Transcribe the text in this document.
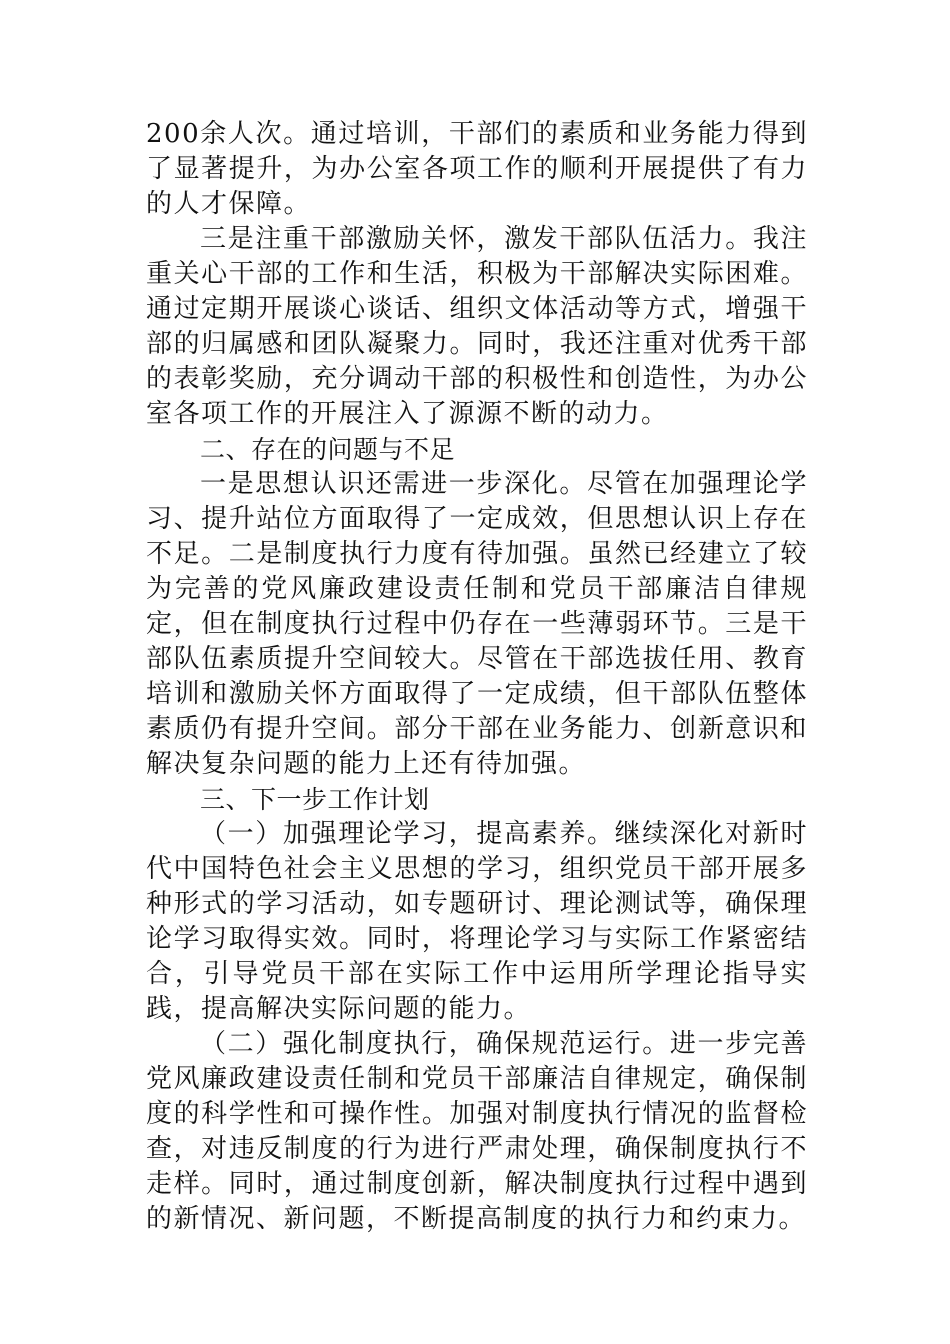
200余人次。通过培训，干部们的素质和业务能力得到了显著提升，为办公室各项工作的顺利开展提供了有力的人才保障。

三是注重干部激励关怀，激发干部队伍活力。我注重关心干部的工作和生活，积极为干部解决实际困难。通过定期开展谈心谈话、组织文体活动等方式，增强干部的归属感和团队凝聚力。同时，我还注重对优秀干部的表彰奖励，充分调动干部的积极性和创造性，为办公室各项工作的开展注入了源源不断的动力。

二、存在的问题与不足

一是思想认识还需进一步深化。尽管在加强理论学习、提升站位方面取得了一定成效，但思想认识上存在不足。二是制度执行力度有待加强。虽然已经建立了较为完善的党风廉政建设责任制和党员干部廉洁自律规定，但在制度执行过程中仍存在一些薄弱环节。三是干部队伍素质提升空间较大。尽管在干部选拔任用、教育培训和激励关怀方面取得了一定成绩，但干部队伍整体素质仍有提升空间。部分干部在业务能力、创新意识和解决复杂问题的能力上还有待加强。

三、下一步工作计划

（一）加强理论学习，提高素养。继续深化对新时代中国特色社会主义思想的学习，组织党员干部开展多种形式的学习活动，如专题研讨、理论测试等，确保理论学习取得实效。同时，将理论学习与实际工作紧密结合，引导党员干部在实际工作中运用所学理论指导实践，提高解决实际问题的能力。

（二）强化制度执行，确保规范运行。进一步完善党风廉政建设责任制和党员干部廉洁自律规定，确保制度的科学性和可操作性。加强对制度执行情况的监督检查，对违反制度的行为进行严肃处理，确保制度执行不走样。同时，通过制度创新，解决制度执行过程中遇到的新情况、新问题，不断提高制度的执行力和约束力。
